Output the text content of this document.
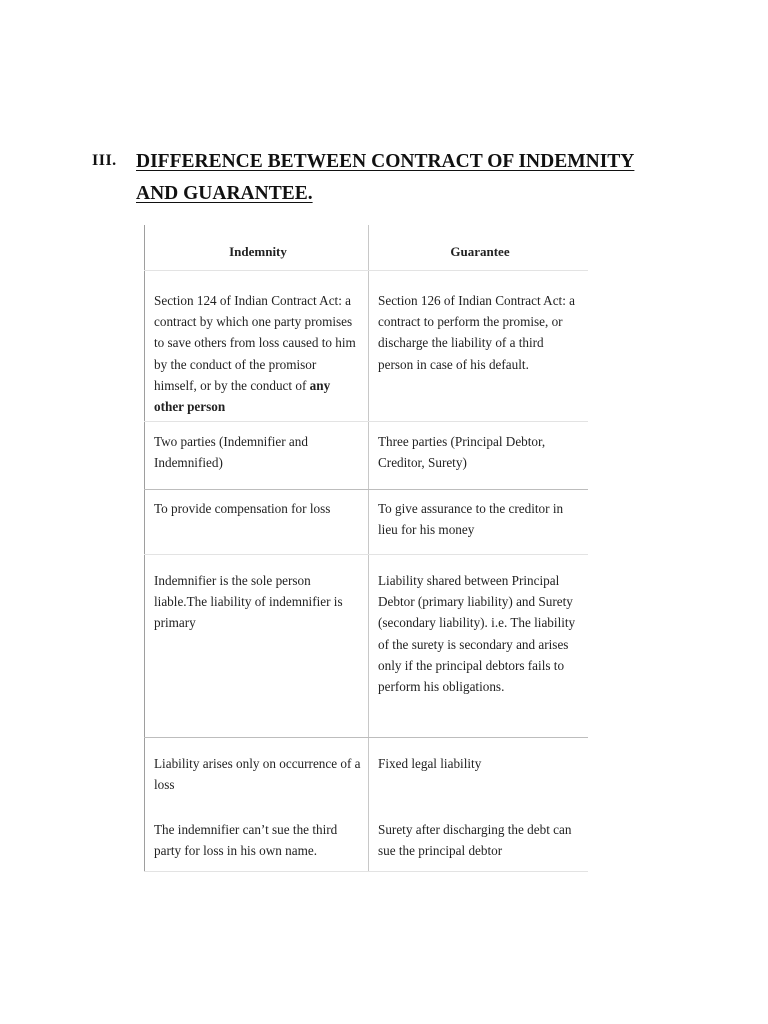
III. DIFFERENCE BETWEEN CONTRACT OF INDEMNITY AND GUARANTEE.
Indemnity	Guarantee
Section 124 of Indian Contract Act: a contract by which one party promises to save others from loss caused to him by the conduct of the promisor himself, or by the conduct of any other person
Section 126 of Indian Contract Act: a contract to perform the promise, or discharge the liability of a third person in case of his default.
Two parties (Indemnifier and Indemnified)
Three parties (Principal Debtor, Creditor, Surety)
To provide compensation for loss	To give assurance to the creditor in lieu for his money
Indemnifier is the sole person liable.The liability of indemnifier is primary
Liability shared between Principal Debtor (primary liability) and Surety (secondary liability). i.e. The liability of the surety is secondary and arises only if the principal debtors fails to perform his obligations.
Liability arises only on occurrence of a loss
Fixed legal liability
The indemnifier can’t sue the third party for loss in his own name.
Surety after discharging the debt can sue the principal debtor
